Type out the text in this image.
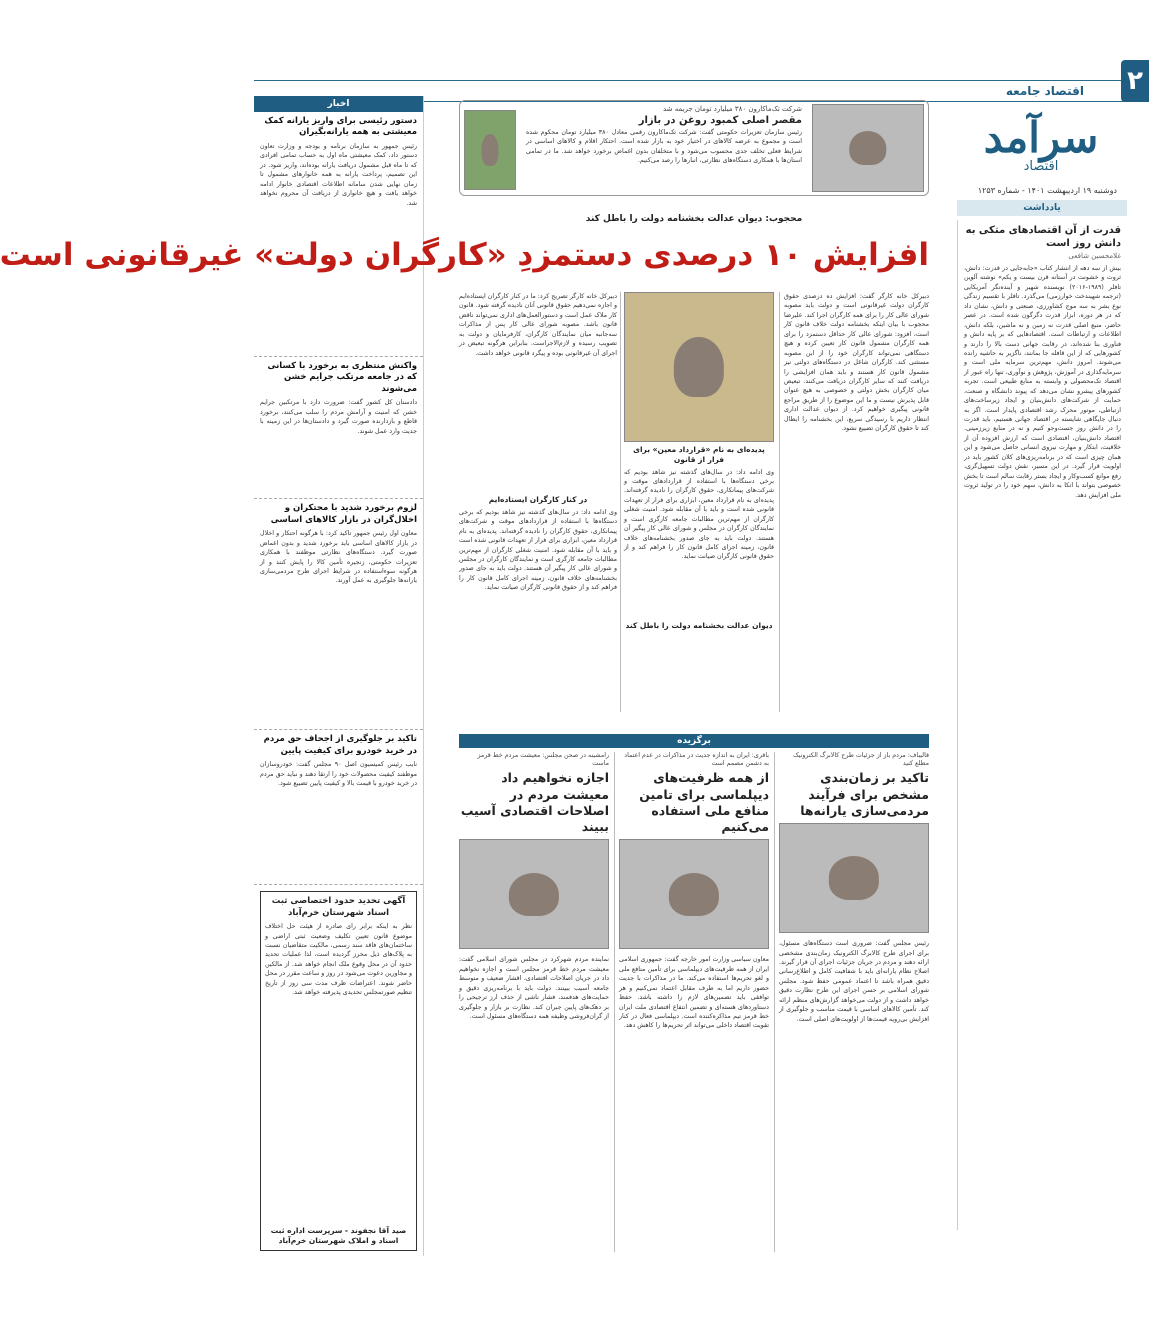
اقتصاد جامعه ۲
سرآمد
اقتصاد
دوشنبه ۱۹ اردیبهشت ۱۴۰۱ - شماره ۱۲۵۳
یادداشت
قدرت از آن اقتصادهای متکی به دانش روز است
غلامحسین شافعی
بیش از سه دهه از انتشار کتاب «جابه‌جایی در قدرت: دانش، ثروت و خشونت در آستانه قرن بیست و یکم» نوشته آلوین تافلر (۱۹۸۹-۲۰۱۶) نویسنده شهیر و آینده‌نگر آمریکایی (ترجمه شهیندخت خوارزمی) می‌گذرد. تافلر با تقسیم زندگی نوع بشر به سه موج کشاورزی، صنعتی و دانش، نشان داد که در هر دوره، ابزار قدرت دگرگون شده است. در عصر حاضر، منبع اصلی قدرت نه زمین و نه ماشین، بلکه دانش، اطلاعات و ارتباطات است. اقتصادهایی که بر پایه دانش و فناوری بنا شده‌اند، در رقابت جهانی دست بالا را دارند و کشورهایی که از این قافله جا بمانند، ناگزیر به حاشیه رانده می‌شوند. امروز دانش، مهم‌ترین سرمایه ملی است و سرمایه‌گذاری در آموزش، پژوهش و نوآوری، تنها راه عبور از اقتصاد تک‌محصولی و وابسته به منابع طبیعی است. تجربه کشورهای پیشرو نشان می‌دهد که پیوند دانشگاه و صنعت، حمایت از شرکت‌های دانش‌بنیان و ایجاد زیرساخت‌های ارتباطی، موتور محرک رشد اقتصادی پایدار است. اگر به دنبال جایگاهی شایسته در اقتصاد جهانی هستیم، باید قدرت را در دانش روز جست‌وجو کنیم و نه در منابع زیرزمینی. اقتصاد دانش‌بنیان، اقتصادی است که ارزش افزوده آن از خلاقیت، ابتکار و مهارت نیروی انسانی حاصل می‌شود و این همان چیزی است که در برنامه‌ریزی‌های کلان کشور باید در اولویت قرار گیرد. در این مسیر، نقش دولت تسهیل‌گری، رفع موانع کسب‌وکار و ایجاد بستر رقابت سالم است تا بخش خصوصی بتواند با اتکا به دانش، سهم خود را در تولید ثروت ملی افزایش دهد.
اخبار
دستور رئیسی برای واریز یارانه کمک معیشتی به همه یارانه‌بگیران
رئیس جمهور به سازمان برنامه و بودجه و وزارت تعاون دستور داد، کمک معیشتی ماه اول به حساب تمامی افرادی که تا ماه قبل مشمول دریافت یارانه بوده‌اند، واریز شود. در این تصمیم، پرداخت یارانه به همه خانوارهای مشمول تا زمان نهایی شدن سامانه اطلاعات اقتصادی خانوار ادامه خواهد یافت و هیچ خانواری از دریافت آن محروم نخواهد شد.
واکنش منتظری به برخورد با کسانی که در جامعه مرتکب جرایم خشن می‌شوند
دادستان کل کشور گفت: ضرورت دارد با مرتکبین جرایم خشن که امنیت و آرامش مردم را سلب می‌کنند، برخورد قاطع و بازدارنده صورت گیرد و دادستان‌ها در این زمینه با جدیت وارد عمل شوند.
لزوم برخورد شدید با محتکران و اخلال‌گران در بازار کالاهای اساسی
معاون اول رئیس جمهور تاکید کرد: با هرگونه احتکار و اخلال در بازار کالاهای اساسی باید برخورد شدید و بدون اغماض صورت گیرد. دستگاه‌های نظارتی موظفند با همکاری تعزیرات حکومتی، زنجیره تأمین کالا را پایش کنند و از هرگونه سوءاستفاده در شرایط اجرای طرح مردمی‌سازی یارانه‌ها جلوگیری به عمل آورند.
تاکید بر جلوگیری از اجحاف حق مردم در خرید خودرو برای کیفیت پایین
نایب رئیس کمیسیون اصل ۹۰ مجلس گفت: خودروسازان موظفند کیفیت محصولات خود را ارتقا دهند و نباید حق مردم در خرید خودرو با قیمت بالا و کیفیت پایین تضییع شود.
آگهی تحدید حدود اختصاصی ثبت اسناد شهرستان خرم‌آباد
نظر به اینکه برابر رای صادره از هیئت حل اختلاف موضوع قانون تعیین تکلیف وضعیت ثبتی اراضی و ساختمان‌های فاقد سند رسمی، مالکیت متقاضیان نسبت به پلاک‌های ذیل محرز گردیده است، لذا عملیات تحدید حدود آن در محل وقوع ملک انجام خواهد شد. از مالکین و مجاورین دعوت می‌شود در روز و ساعت مقرر در محل حاضر شوند. اعتراضات ظرف مدت سی روز از تاریخ تنظیم صورتمجلس تحدیدی پذیرفته خواهد شد.
صید آقا نجفوند - سرپرست اداره ثبت اسناد و املاک شهرستان خرم‌آباد
شرکت تک‌ماکارون ۳۸۰ میلیارد تومان جریمه شد
مقصر اصلی کمبود روغن در بازار
رئیس سازمان تعزیرات حکومتی گفت: شرکت تک‌ماکارون رقمی معادل ۳۸۰ میلیارد تومان محکوم شده است و مجموع به عرضه کالاهای در اختیار خود به بازار شده است. احتکار اقلام و کالاهای اساسی در شرایط فعلی تخلف جدی محسوب می‌شود و با متخلفان بدون اغماض برخورد خواهد شد. ما در تمامی استان‌ها با همکاری دستگاه‌های نظارتی، انبارها را رصد می‌کنیم.
محجوب: دیوان عدالت بخشنامه دولت را باطل کند
افزایش ۱۰ درصدی دستمزدِ «کارگران دولت» غیرقانونی است
دبیرکل خانه کارگر گفت: افزایش ده درصدی حقوق کارگران دولت غیرقانونی است و دولت باید مصوبه شورای عالی کار را برای همه کارگران اجرا کند. علیرضا محجوب با بیان اینکه بخشنامه دولت خلاف قانون کار است، افزود: شورای عالی کار حداقل دستمزد را برای همه کارگران مشمول قانون کار تعیین کرده و هیچ دستگاهی نمی‌تواند کارگران خود را از این مصوبه مستثنی کند. کارگران شاغل در دستگاه‌های دولتی نیز مشمول قانون کار هستند و باید همان افزایشی را دریافت کنند که سایر کارگران دریافت می‌کنند. تبعیض میان کارگران بخش دولتی و خصوصی به هیچ عنوان قابل پذیرش نیست و ما این موضوع را از طریق مراجع قانونی پیگیری خواهیم کرد. از دیوان عدالت اداری انتظار داریم با رسیدگی سریع، این بخشنامه را ابطال کند تا حقوق کارگران تضییع نشود.
پدیده‌ای به نام «قرارداد معین» برای فرار از قانون
وی ادامه داد: در سال‌های گذشته نیز شاهد بودیم که برخی دستگاه‌ها با استفاده از قراردادهای موقت و شرکت‌های پیمانکاری، حقوق کارگران را نادیده گرفته‌اند. پدیده‌ای به نام قرارداد معین، ابزاری برای فرار از تعهدات قانونی شده است و باید با آن مقابله شود. امنیت شغلی کارگران از مهم‌ترین مطالبات جامعه کارگری است و نمایندگان کارگران در مجلس و شورای عالی کار پیگیر آن هستند. دولت باید به جای صدور بخشنامه‌های خلاف قانون، زمینه اجرای کامل قانون کار را فراهم کند و از حقوق قانونی کارگران صیانت نماید.
دیوان عدالت بخشنامه دولت را باطل کند
دبیرکل خانه کارگر تصریح کرد: ما در کنار کارگران ایستاده‌ایم و اجازه نمی‌دهیم حقوق قانونی آنان نادیده گرفته شود. قانون کار ملاک عمل است و دستورالعمل‌های اداری نمی‌تواند ناقض قانون باشد. مصوبه شورای عالی کار پس از مذاکرات سه‌جانبه میان نمایندگان کارگران، کارفرمایان و دولت به تصویب رسیده و لازم‌الاجراست. بنابراین هرگونه تبعیض در اجرای آن غیرقانونی بوده و پیگرد قانونی خواهد داشت.
در کنار کارگران ایستاده‌ایم
وی ادامه داد: در سال‌های گذشته نیز شاهد بودیم که برخی دستگاه‌ها با استفاده از قراردادهای موقت و شرکت‌های پیمانکاری، حقوق کارگران را نادیده گرفته‌اند. پدیده‌ای به نام قرارداد معین، ابزاری برای فرار از تعهدات قانونی شده است و باید با آن مقابله شود. امنیت شغلی کارگران از مهم‌ترین مطالبات جامعه کارگری است و نمایندگان کارگران در مجلس و شورای عالی کار پیگیر آن هستند. دولت باید به جای صدور بخشنامه‌های خلاف قانون، زمینه اجرای کامل قانون کار را فراهم کند و از حقوق قانونی کارگران صیانت نماید.
برگزیده
قالیباف: مردم باز از جزئیات طرح کالابرگ الکترونیک مطلع کنید
تاکید بر زمان‌بندی مشخص برای فرآیند مردمی‌سازی یارانه‌ها
رئیس مجلس گفت: ضروری است دستگاه‌های مسئول، برای اجرای طرح کالابرگ الکترونیک زمان‌بندی مشخصی ارائه دهند و مردم در جریان جزئیات اجرای آن قرار گیرند. اصلاح نظام یارانه‌ای باید با شفافیت کامل و اطلاع‌رسانی دقیق همراه باشد تا اعتماد عمومی حفظ شود. مجلس شورای اسلامی بر حسن اجرای این طرح نظارت دقیق خواهد داشت و از دولت می‌خواهد گزارش‌های منظم ارائه کند. تأمین کالاهای اساسی با قیمت مناسب و جلوگیری از افزایش بی‌رویه قیمت‌ها از اولویت‌های اصلی است.
باقری: ایران به اندازه جدیت در مذاکرات در عدم اعتماد به دشمن مصمم است
از همه ظرفیت‌های دیپلماسی برای تامین منافع ملی استفاده می‌کنیم
معاون سیاسی وزارت امور خارجه گفت: جمهوری اسلامی ایران از همه ظرفیت‌های دیپلماسی برای تأمین منافع ملی و لغو تحریم‌ها استفاده می‌کند. ما در مذاکرات با جدیت حضور داریم اما به طرف مقابل اعتماد نمی‌کنیم و هر توافقی باید تضمین‌های لازم را داشته باشد. حفظ دستاوردهای هسته‌ای و تضمین انتفاع اقتصادی ملت ایران خط قرمز تیم مذاکره‌کننده است. دیپلماسی فعال در کنار تقویت اقتصاد داخلی می‌تواند اثر تحریم‌ها را کاهش دهد.
رامشینه در صحن مجلس: معیشت مردم خط قرمز ماست
اجازه نخواهیم داد معیشت مردم در اصلاحات اقتصادی آسیب ببیند
نماینده مردم شهرکرد در مجلس شورای اسلامی گفت: معیشت مردم خط قرمز مجلس است و اجازه نخواهیم داد در جریان اصلاحات اقتصادی، اقشار ضعیف و متوسط جامعه آسیب ببینند. دولت باید با برنامه‌ریزی دقیق و حمایت‌های هدفمند، فشار ناشی از حذف ارز ترجیحی را بر دهک‌های پایین جبران کند. نظارت بر بازار و جلوگیری از گران‌فروشی وظیفه همه دستگاه‌های مسئول است.
